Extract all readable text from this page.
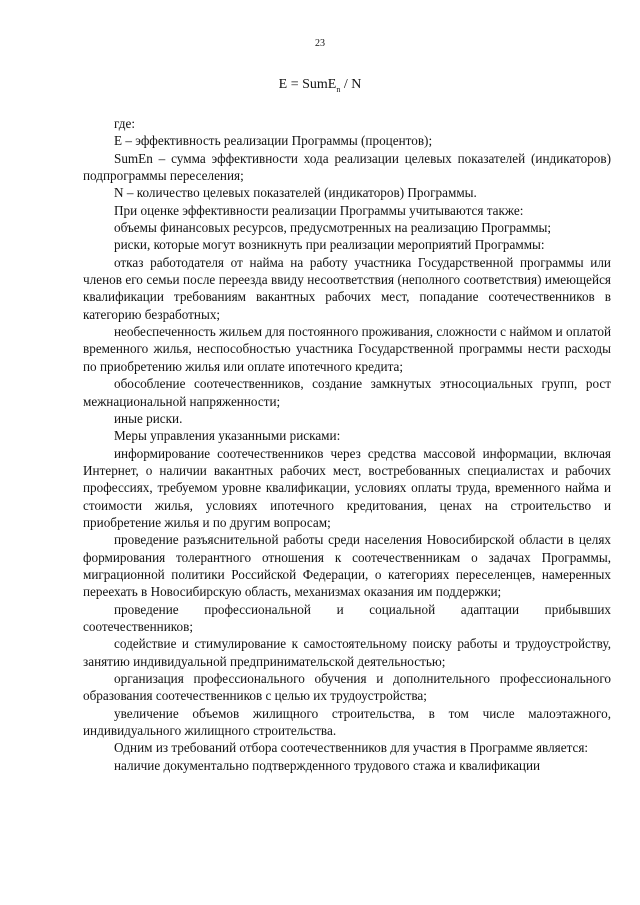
23
E = SumE$_n$ / N

где:

E – эффективность реализации Программы (процентов);

SumEn – сумма эффективности хода реализации целевых показателей (индикаторов) подпрограммы переселения;

N – количество целевых показателей (индикаторов) Программы.

При оценке эффективности реализации Программы учитываются также:

объемы финансовых ресурсов, предусмотренных на реализацию Программы;

риски, которые могут возникнуть при реализации мероприятий Программы:

отказ работодателя от найма на работу участника Государственной программы или членов его семьи после переезда ввиду несоответствия (неполного соответствия) имеющейся квалификации требованиям вакантных рабочих мест, попадание соотечественников в категорию безработных;

необеспеченность жильем для постоянного проживания, сложности с наймом и оплатой временного жилья, неспособностью участника Государственной программы нести расходы по приобретению жилья или оплате ипотечного кредита;

обособление соотечественников, создание замкнутых этносоциальных групп, рост межнациональной напряженности;

иные риски.

Меры управления указанными рисками:

информирование соотечественников через средства массовой информации, включая Интернет, о наличии вакантных рабочих мест, востребованных специалистах и рабочих профессиях, требуемом уровне квалификации, условиях оплаты труда, временного найма и стоимости жилья, условиях ипотечного кредитования, ценах на строительство и приобретение жилья и по другим вопросам;

проведение разъяснительной работы среди населения Новосибирской области в целях формирования толерантного отношения к соотечественникам о задачах Программы, миграционной политики Российской Федерации, о категориях переселенцев, намеренных переехать в Новосибирскую область, механизмах оказания им поддержки;

проведение профессиональной и социальной адаптации прибывших соотечественников;

содействие и стимулирование к самостоятельному поиску работы и трудоустройству, занятию индивидуальной предпринимательской деятельностью;

организация профессионального обучения и дополнительного профессионального образования соотечественников с целью их трудоустройства;

увеличение объемов жилищного строительства, в том числе малоэтажного, индивидуального жилищного строительства.

Одним из требований отбора соотечественников для участия в Программе является:

наличие документально подтвержденного трудового стажа и квалификации
